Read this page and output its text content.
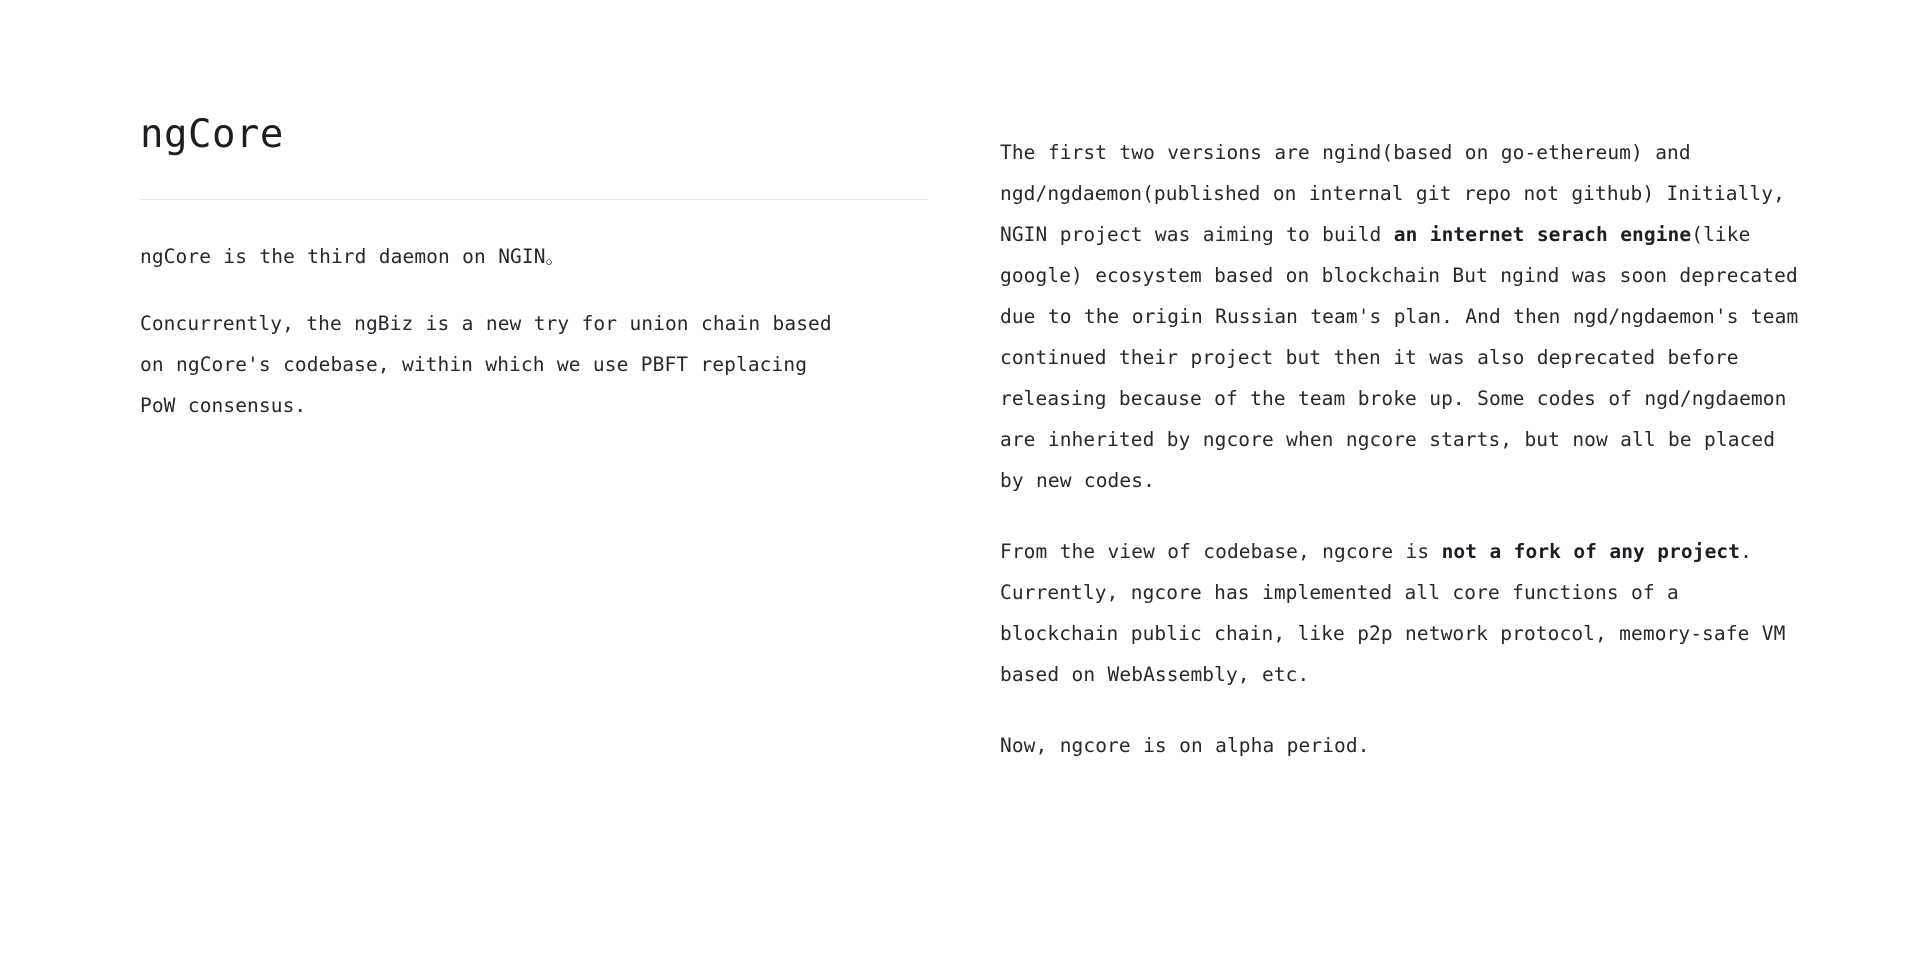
ngCore

ngCore is the third daemon on NGIN。

Concurrently, the ngBiz is a new try for union chain based on ngCore's codebase, within which we use PBFT replacing PoW consensus.

The first two versions are ngind(based on go-ethereum) and ngd/ngdaemon(published on internal git repo not github) Initially, NGIN project was aiming to build an internet serach engine(like google) ecosystem based on blockchain But ngind was soon deprecated due to the origin Russian team's plan. And then ngd/ngdaemon's team continued their project but then it was also deprecated before releasing because of the team broke up. Some codes of ngd/ngdaemon are inherited by ngcore when ngcore starts, but now all be placed by new codes.

From the view of codebase, ngcore is not a fork of any project. Currently, ngcore has implemented all core functions of a blockchain public chain, like p2p network protocol, memory-safe VM based on WebAssembly, etc.

Now, ngcore is on alpha period.
